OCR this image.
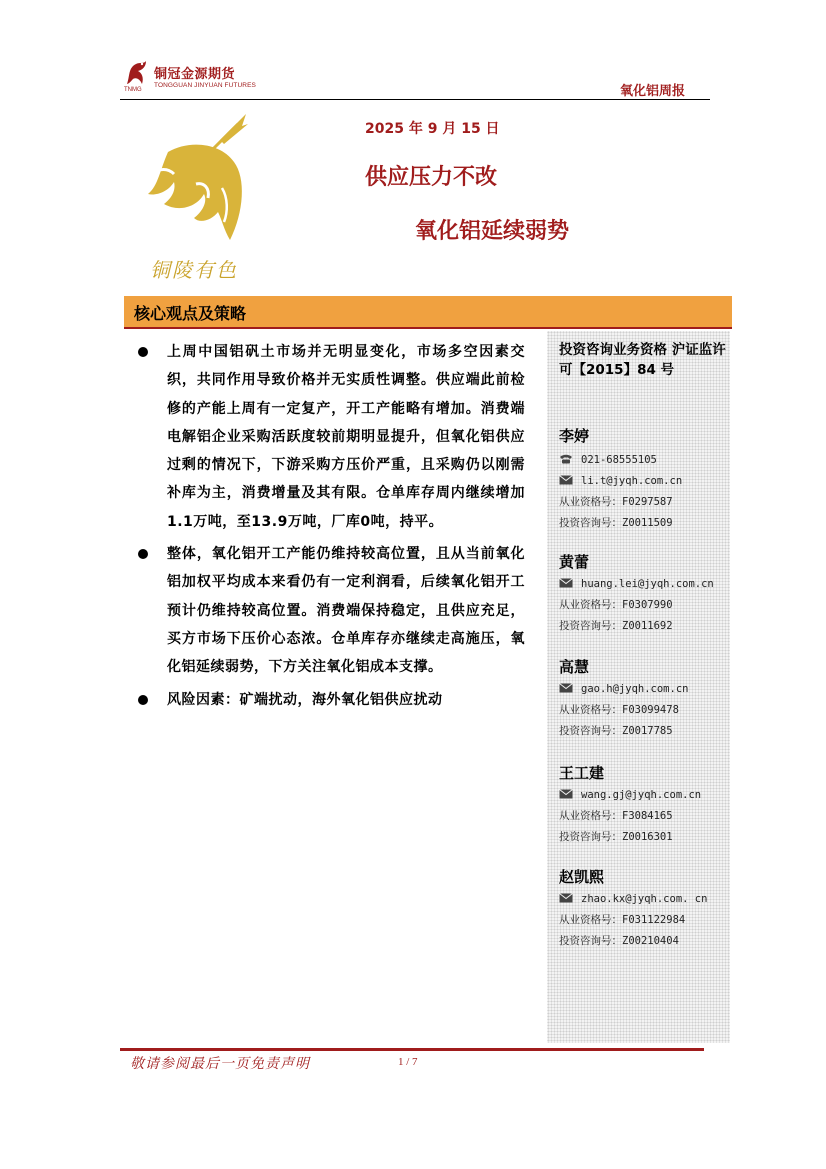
铜冠金源期货
TONGGUAN JINYUAN FUTURES
TNMG	氧化铝周报
铜陵有色
2025 年 9 月 15 日
供应压力不改
氧化铝延续弱势
核心观点及策略

上周中国铝矾土市场并无明显变化，市场多空因素交织，共同作用导致价格并无实质性调整。供应端此前检修的产能上周有一定复产，开工产能略有增加。消费端电解铝企业采购活跃度较前期明显提升，但氧化铝供应过剩的情况下，下游采购方压价严重，且采购仍以刚需补库为主，消费增量及其有限。仓单库存周内继续增加1.1万吨，至13.9万吨，厂库0吨，持平。

整体，氧化铝开工产能仍维持较高位置，且从当前氧化铝加权平均成本来看仍有一定利润看，后续氧化铝开工预计仍维持较高位置。消费端保持稳定，且供应充足，买方市场下压价心态浓。仓单库存亦继续走高施压，氧化铝延续弱势，下方关注氧化铝成本支撑。

风险因素：矿端扰动，海外氧化铝供应扰动

投资咨询业务资格 沪证监许可【2015】84 号
李婷
021-68555105
li.t@jyqh.com.cn
从业资格号：F0297587
投资咨询号：Z0011509
黄蕾
huang.lei@jyqh.com.cn
从业资格号：F0307990
投资咨询号：Z0011692
高慧
gao.h@jyqh.com.cn
从业资格号：F03099478
投资咨询号：Z0017785
王工建
wang.gj@jyqh.com.cn
从业资格号：F3084165
投资咨询号：Z0016301
赵凯熙
zhao.kx@jyqh.com. cn
从业资格号：F031122984
投资咨询号：Z00210404
敬请参阅最后一页免责声明	1 / 7
